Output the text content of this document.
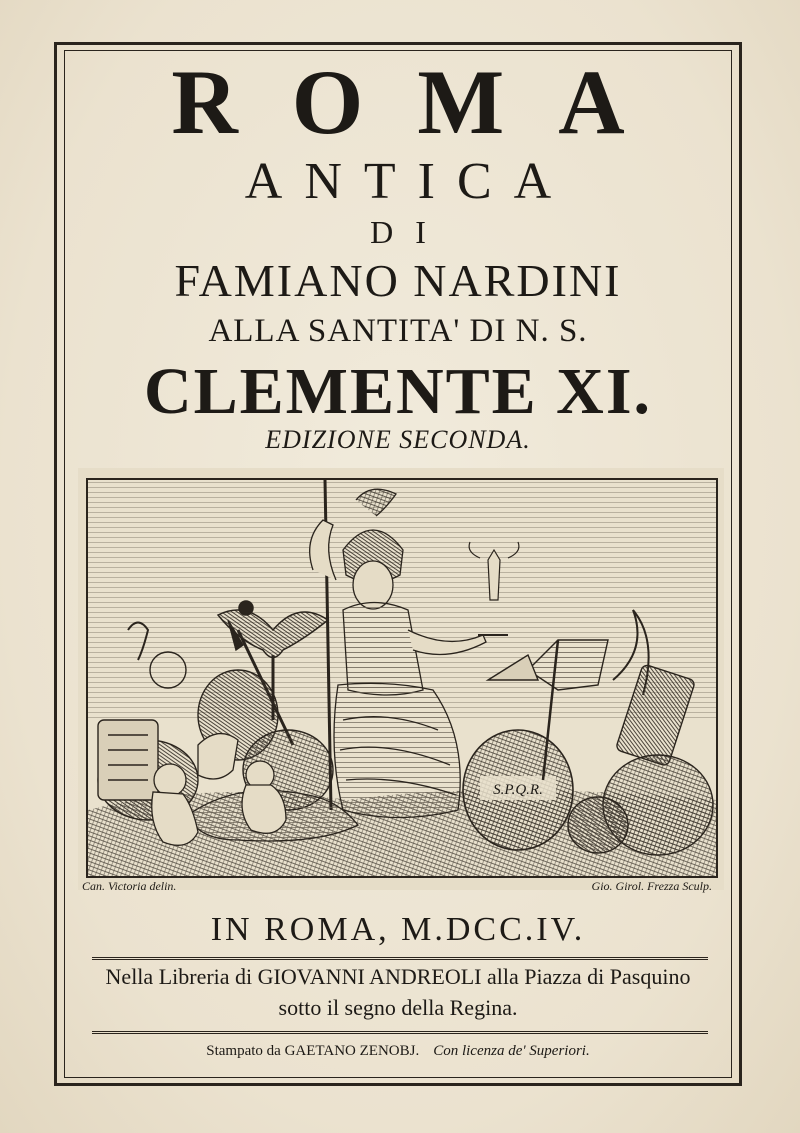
ROMA
ANTICA
DI
FAMIANO NARDINI
ALLA SANTITA' DI N. S.
CLEMENTE XI.
EDIZIONE SECONDA.
S.P.Q.R.
Can. Victoria delin.	Gio. Girol. Frezza Sculp.
IN ROMA, M.DCC.IV.
Nella Libreria di GIOVANNI ANDREOLI alla Piazza di Pasquino
sotto il segno della Regina.
Stampato da GAETANO ZENOBJ. Con licenza de' Superiori.
